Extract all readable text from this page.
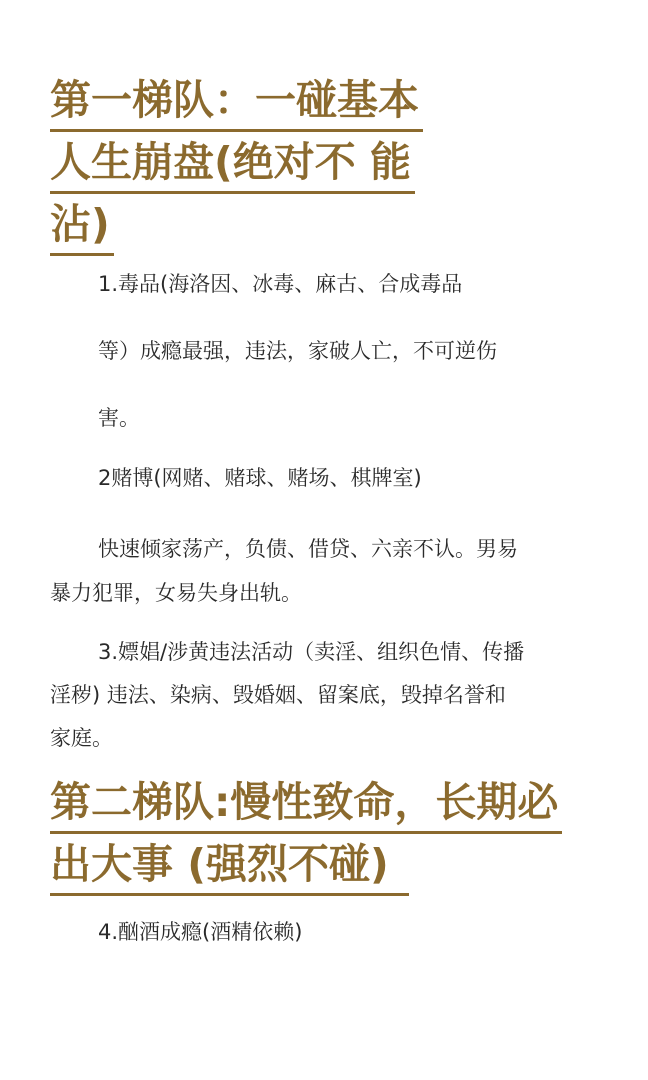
第一梯队：一碰基本
人生崩盘(绝对不 能
沾)

1.毒品(海洛因、冰毒、麻古、合成毒品

等）成瘾最强，违法，家破人亡，不可逆伤

害。

2赌博(网赌、赌球、赌场、棋牌室)

快速倾家荡产，负债、借贷、六亲不认。男易
暴力犯罪，女易失身出轨。
3.嫖娼/涉黄违法活动（卖淫、组织色情、传播
淫秽) 违法、染病、毁婚姻、留案底，毁掉名誉和
家庭。
第二梯队:慢性致命，长期必
出大事 (强烈不碰)

4.酗酒成瘾(酒精依赖)
